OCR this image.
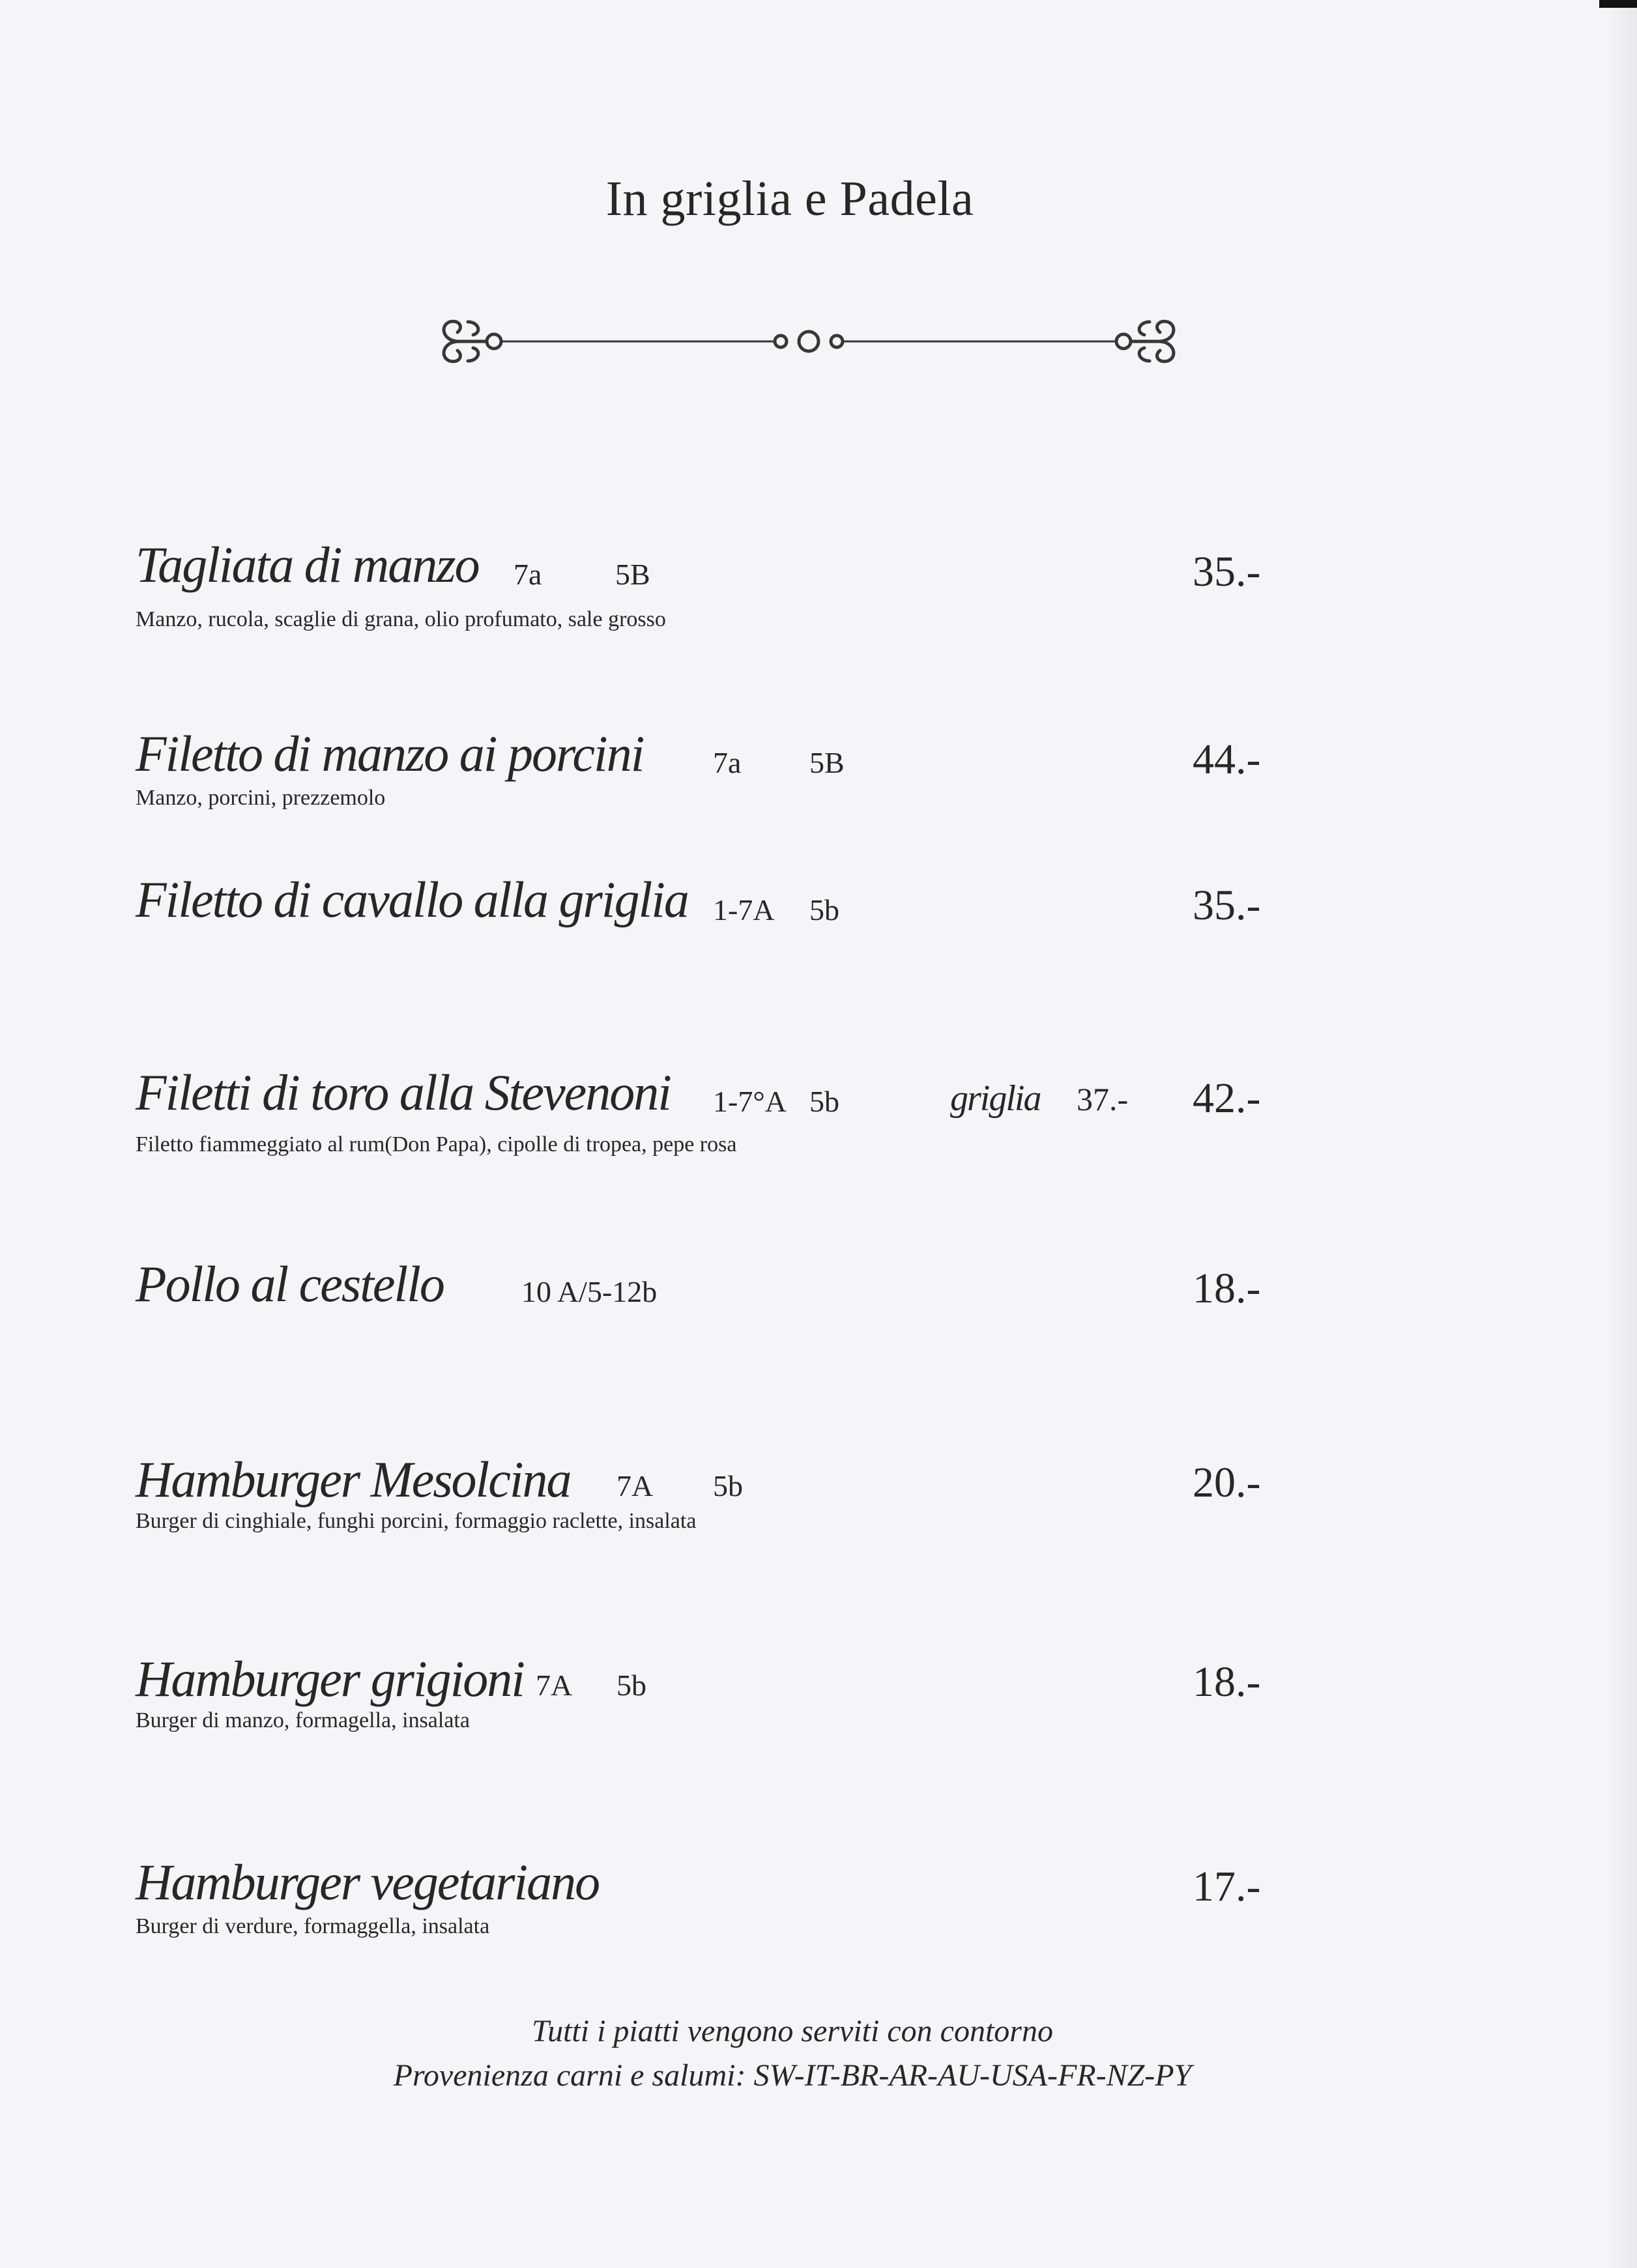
In griglia e Padela
Tagliata di manzo 7a 5B	35.-
Manzo, rucola, scaglie di grana, olio profumato, sale grosso
Filetto di manzo ai porcini 7a 5B	44.-
Manzo, porcini, prezzemolo
Filetto di cavallo alla griglia 1-7A 5b	35.-
Filetti di toro alla Stevenoni 1-7°A 5b	griglia 37.- 42.-
Filetto fiammeggiato al rum(Don Papa), cipolle di tropea, pepe rosa
Pollo al cestello	10 A/5-12b	18.-
Hamburger Mesolcina 7A 5b	20.-
Burger di cinghiale, funghi porcini, formaggio raclette, insalata
Hamburger grigioni 7A 5b	18.-
Burger di manzo, formagella, insalata
Hamburger vegetariano	17.-
Burger di verdure, formaggella, insalata
Tutti i piatti vengono serviti con contorno
Provenienza carni e salumi: SW-IT-BR-AR-AU-USA-FR-NZ-PY
